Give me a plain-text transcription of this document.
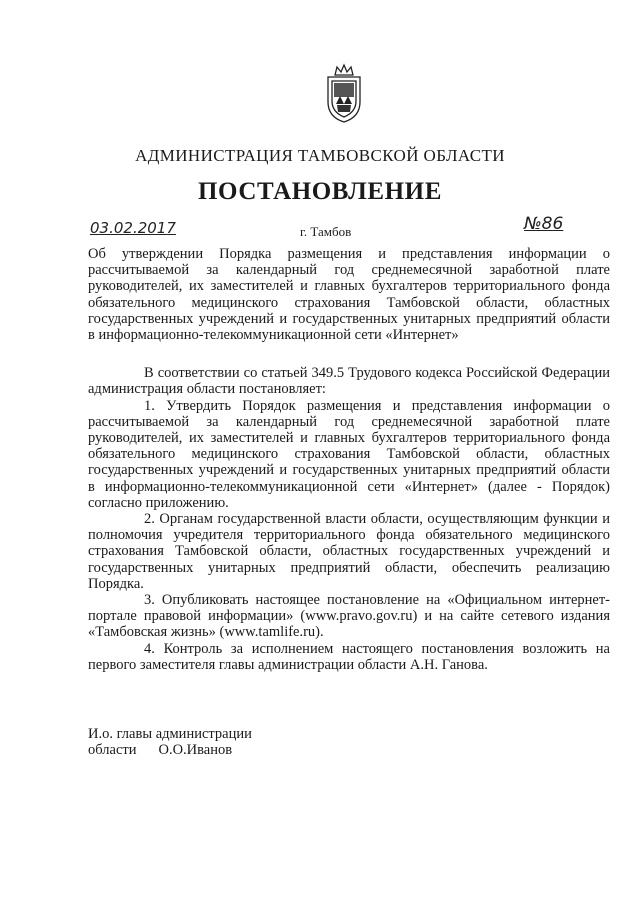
АДМИНИСТРАЦИЯ ТАМБОВСКОЙ ОБЛАСТИ
ПОСТАНОВЛЕНИЕ
03.02.2017	г. Тамбов	№86

Об утверждении Порядка размещения и представления информации о рассчитываемой за календарный год среднемесячной заработной плате руководителей, их заместителей и главных бухгалтеров территориального фонда обязательного медицинского страхования Тамбовской области, областных государственных учреждений и государственных унитарных предприятий области в информационно-телекоммуникационной сети «Интернет»

В соответствии со статьей 349.5 Трудового кодекса Российской Федерации администрация области постановляет:

1. Утвердить Порядок размещения и представления информации о рассчитываемой за календарный год среднемесячной заработной плате руководителей, их заместителей и главных бухгалтеров территориального фонда обязательного медицинского страхования Тамбовской области, областных государственных учреждений и государственных унитарных предприятий области в информационно-телекоммуникационной сети «Интернет» (далее - Порядок) согласно приложению.

2. Органам государственной власти области, осуществляющим функции и полномочия учредителя территориального фонда обязательного медицинского страхования Тамбовской области, областных государственных учреждений и государственных унитарных предприятий области, обеспечить реализацию Порядка.

3. Опубликовать настоящее постановление на «Официальном интернет-портале правовой информации» (www.pravo.gov.ru) и на сайте сетевого издания «Тамбовская жизнь» (www.tamlife.ru).

4. Контроль за исполнением настоящего постановления возложить на первого заместителя главы администрации области А.Н. Ганова.

И.о. главы администрации
области О.О.Иванов
